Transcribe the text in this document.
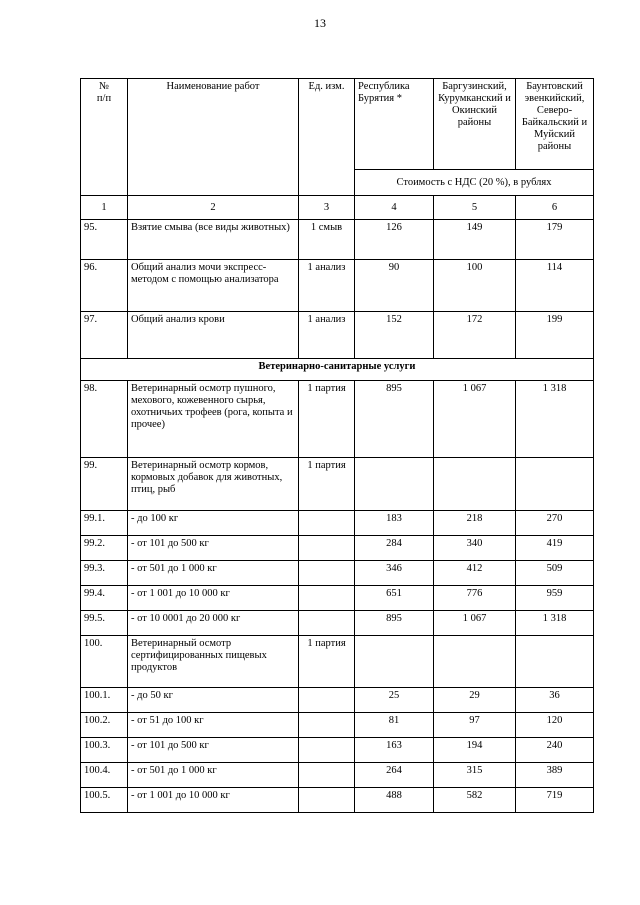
13
№
п/п	Наименование работ	Ед. изм.	Республика Бурятия *	Баргузинский, Курумканский и Окинский районы	Баунтовский эвенкийский, Северо-Байкальский и Муйский районы
			Стоимость с НДС (20 %), в рублях		
1	2	3	4	5	6
95.	Взятие смыва (все виды животных)	1 смыв	126	149	179
96.	Общий анализ мочи экспресс-методом с помощью анализатора	1 анализ	90	100	114
97.	Общий анализ крови	1 анализ	152	172	199
Ветеринарно-санитарные услуги					
98.	Ветеринарный осмотр пушного, мехового, кожевенного сырья, охотничьих трофеев (рога, копыта и прочее)	1 партия	895	1 067	1 318
99.	Ветеринарный осмотр кормов, кормовых добавок для животных, птиц, рыб	1 партия			
99.1.	- до 100 кг		183	218	270
99.2.	- от 101 до 500 кг		284	340	419
99.3.	- от 501 до 1 000 кг		346	412	509
99.4.	- от 1 001 до 10 000 кг		651	776	959
99.5.	- от 10 0001 до 20 000 кг		895	1 067	1 318
100.	Ветеринарный осмотр сертифицированных пищевых продуктов	1 партия			
100.1.	- до 50 кг		25	29	36
100.2.	- от 51 до 100 кг		81	97	120
100.3.	- от 101 до 500 кг		163	194	240
100.4.	- от 501 до 1 000 кг		264	315	389
100.5.	- от 1 001 до 10 000 кг		488	582	719
